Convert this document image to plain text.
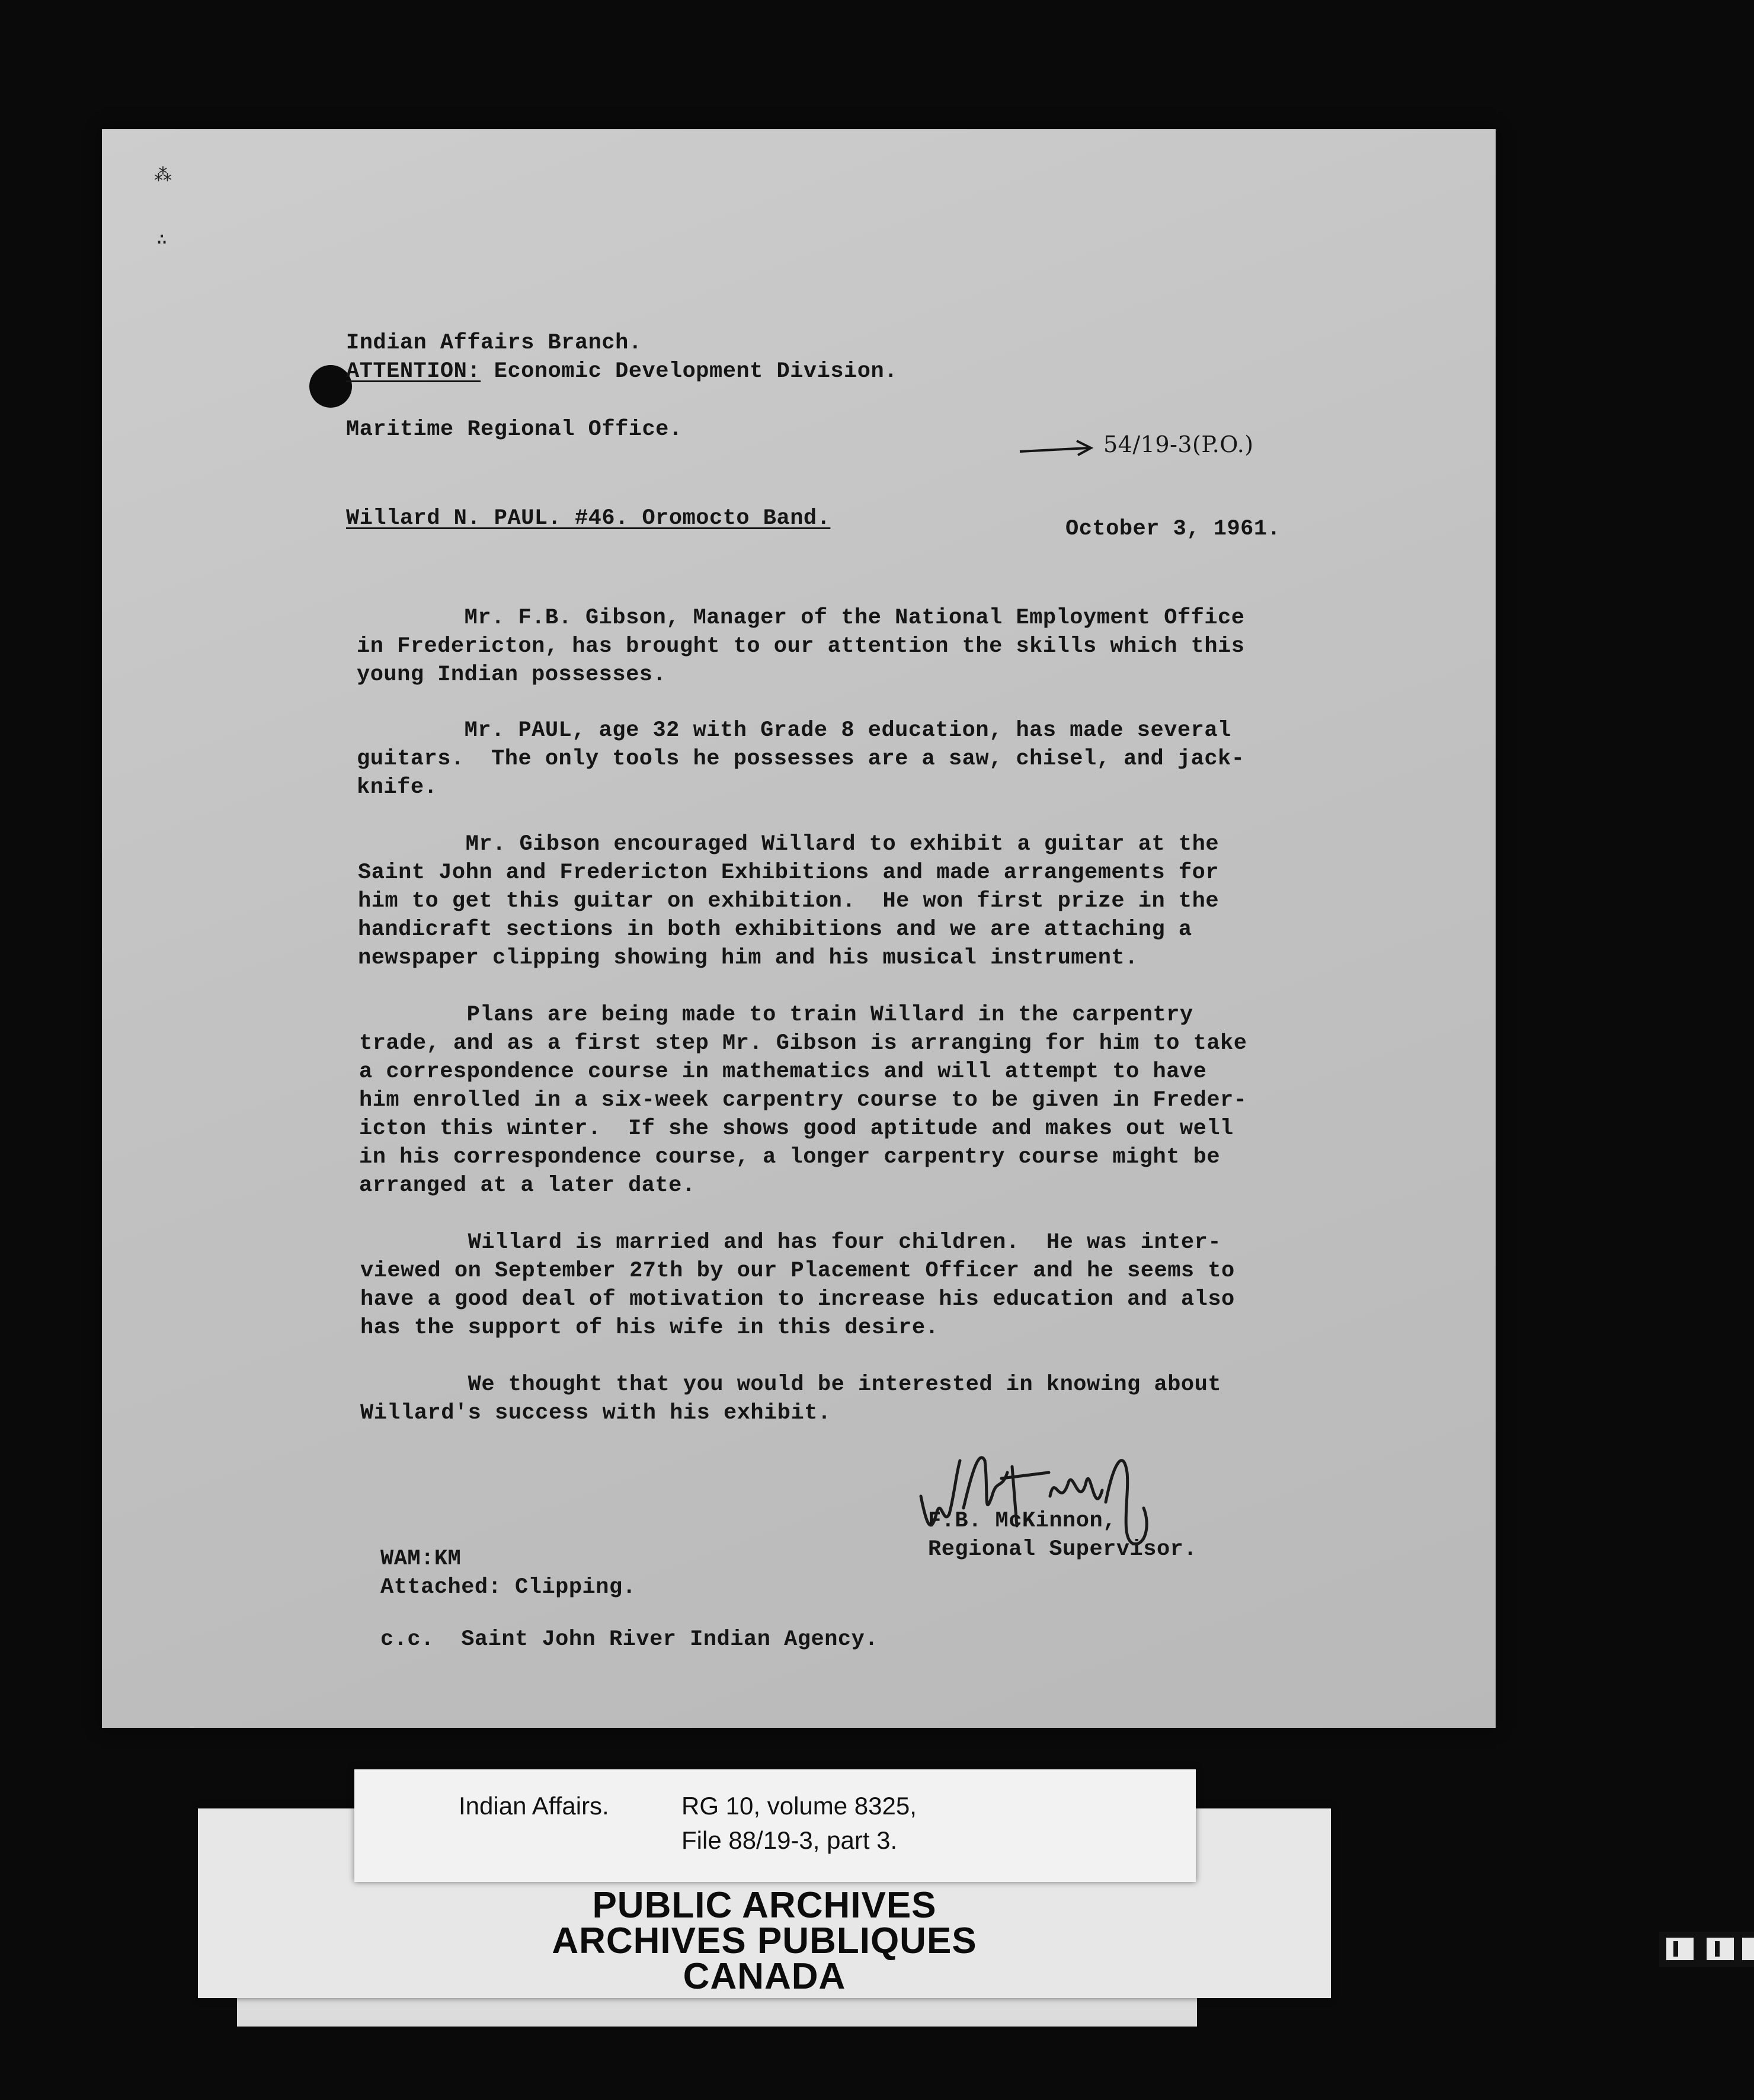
⁂
∴
Indian Affairs Branch.
ATTENTION: Economic Development Division.
Maritime Regional Office.
54/19-3(P.O.)
Willard N. PAUL. #46. Oromocto Band.	October 3, 1961.
Mr. F.B. Gibson, Manager of the National Employment Office
in Fredericton, has brought to our attention the skills which this
young Indian possesses.
Mr. PAUL, age 32 with Grade 8 education, has made several
guitars.  The only tools he possesses are a saw, chisel, and jack-
knife.
Mr. Gibson encouraged Willard to exhibit a guitar at the
Saint John and Fredericton Exhibitions and made arrangements for
him to get this guitar on exhibition.  He won first prize in the
handicraft sections in both exhibitions and we are attaching a
newspaper clipping showing him and his musical instrument.
Plans are being made to train Willard in the carpentry
trade, and as a first step Mr. Gibson is arranging for him to take
a correspondence course in mathematics and will attempt to have
him enrolled in a six-week carpentry course to be given in Freder-
icton this winter.  If she shows good aptitude and makes out well
in his correspondence course, a longer carpentry course might be
arranged at a later date.
Willard is married and has four children.  He was inter-
viewed on September 27th by our Placement Officer and he seems to
have a good deal of motivation to increase his education and also
has the support of his wife in this desire.
We thought that you would be interested in knowing about
Willard's success with his exhibit.
F.B. McKinnon,
Regional Supervisor.
WAM:KM
Attached: Clipping.
c.c.  Saint John River Indian Agency.
PUBLIC ARCHIVES
ARCHIVES PUBLIQUES
CANADA
Indian Affairs.	RG 10, volume 8325,
File 88/19-3, part 3.
